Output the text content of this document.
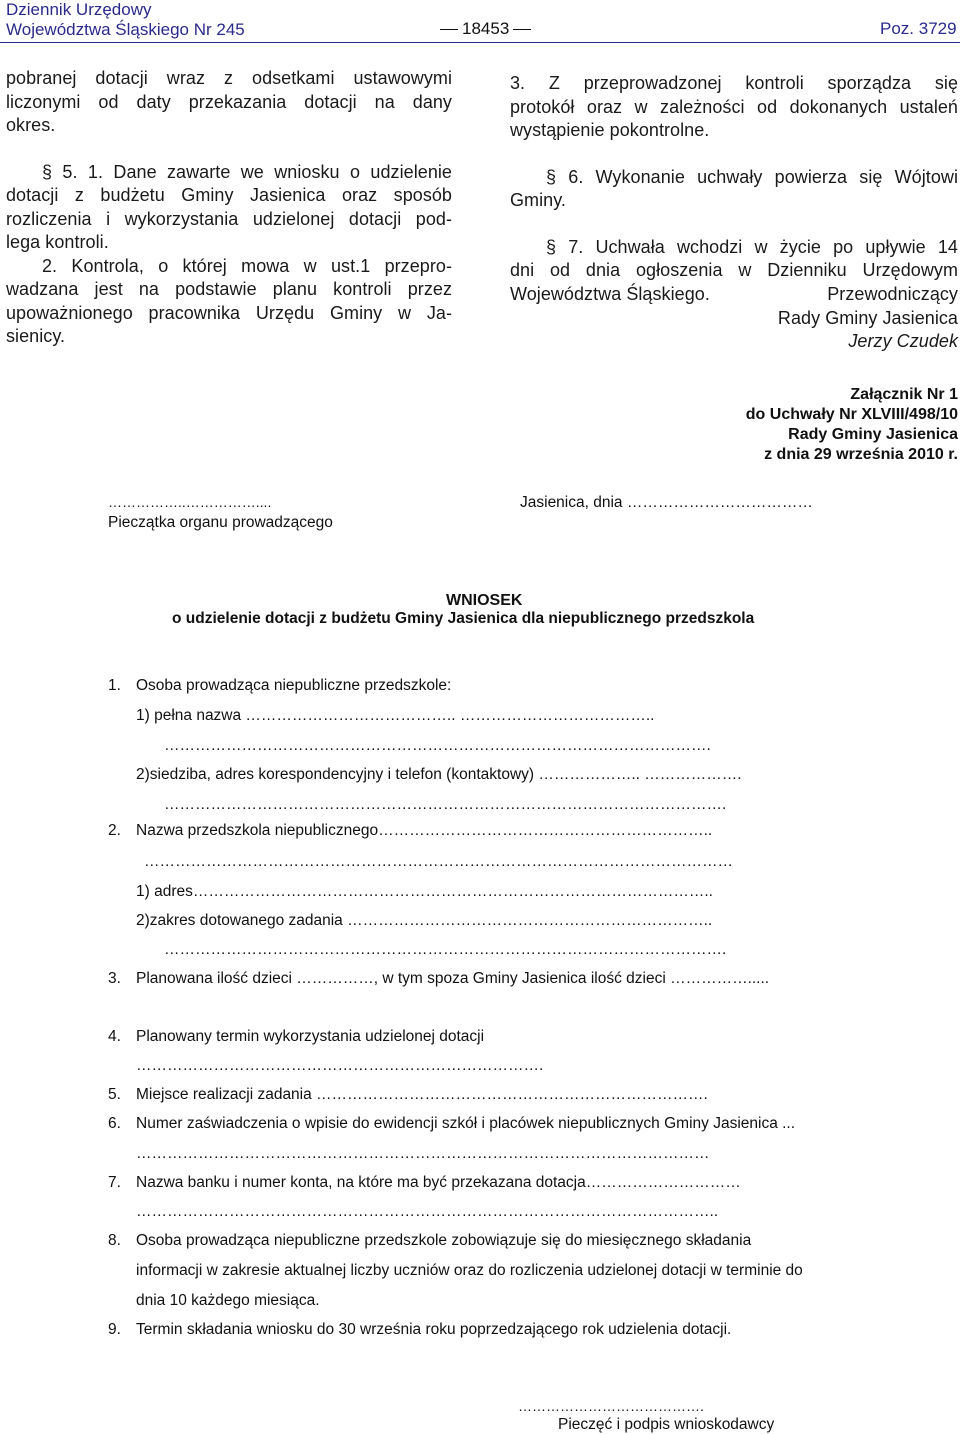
Dziennik Urzędowy
Województwa Śląskiego Nr 245	18453	Poz. 3729

pobranej dotacji wraz z odsetkami ustawowymi

liczonymi od daty przekazania dotacji na dany

okres.

§ 5. 1. Dane zawarte we wniosku o udzielenie

dotacji z budżetu Gminy Jasienica oraz sposób

rozliczenia i wykorzystania udzielonej dotacji pod-

lega kontroli.

2. Kontrola, o której mowa w ust.1 przepro-

wadzana jest na podstawie planu kontroli przez

upoważnionego pracownika Urzędu Gminy w Ja-

sienicy.

3. Z przeprowadzonej kontroli sporządza się

protokół oraz w zależności od dokonanych ustaleń

wystąpienie pokontrolne.

§ 6. Wykonanie uchwały powierza się Wójtowi

Gminy.

§ 7. Uchwała wchodzi w życie po upływie 14

dni od dnia ogłoszenia w Dzienniku Urzędowym

Województwa Śląskiego.	Przewodniczący

Rady Gminy Jasienica

Jerzy Czudek

Załącznik Nr 1
do Uchwały Nr XLVIII/498/10
Rady Gminy Jasienica
z dnia 29 września 2010 r.
……………..……………....
Pieczątka organu prowadzącego
Jasienica, dnia ………………………………
WNIOSEK
o udzielenie dotacji z budżetu Gminy Jasienica dla niepublicznego przedszkola
1. Osoba prowadząca niepubliczne przedszkole:
1) pełna nazwa ………………………………….. ………………………………..
…………………………………………………………………………………………….
2)siedziba, adres korespondencyjny i telefon (kontaktowy) ……………….. ……………….
……………………………………………………………………………………………….
2. Nazwa przedszkola niepublicznego………………………………………………………..
……………………………………………………………………………………………………
1) adres………………………………………………………………………………………..
2)zakres dotowanego zadania ……………………………………………………………..
……………………………………………………………………………………………….
3. Planowana ilość dzieci ……………, w tym spoza Gminy Jasienica ilość dzieci …………….....
4. Planowany termin wykorzystania udzielonej dotacji
…………………………………………………………………….
5. Miejsce realizacji zadania ………………………………………………………………….
6. Numer zaświadczenia o wpisie do ewidencji szkół i placówek niepublicznych Gminy Jasienica ...
…………………………………………………………………………………………………
7. Nazwa banku i numer konta, na które ma być przekazana dotacja…………………………
…………………………………………………………………………………………………..
8. Osoba prowadząca niepubliczne przedszkole zobowiązuje się do miesięcznego składania
informacji w zakresie aktualnej liczby uczniów oraz do rozliczenia udzielonej dotacji w terminie do
dnia 10 każdego miesiąca.
9. Termin składania wniosku do 30 września roku poprzedzającego rok udzielenia dotacji.
………………………………….
Pieczęć i podpis wnioskodawcy
